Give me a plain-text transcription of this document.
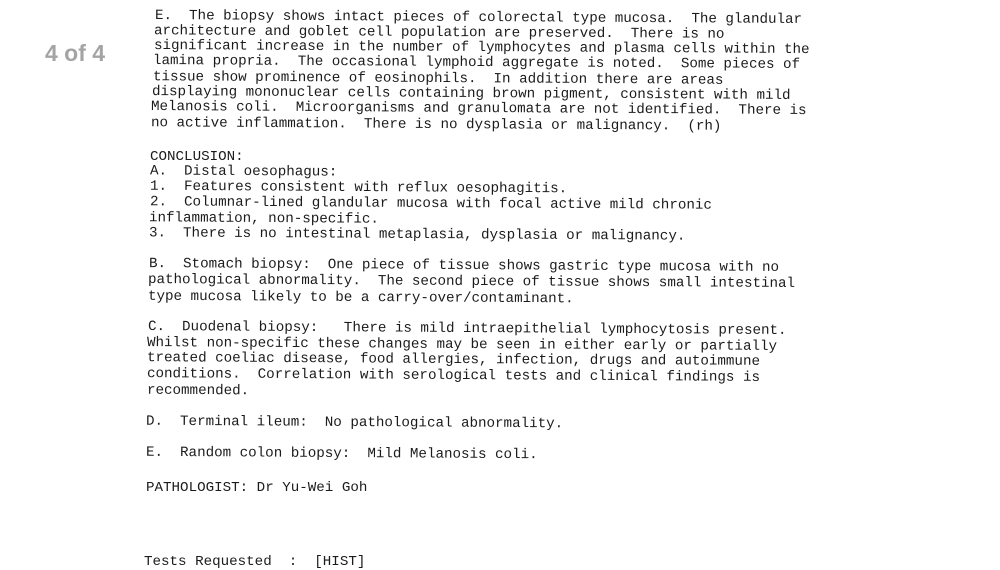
4 of 4
E.  The biopsy shows intact pieces of colorectal type mucosa.  The glandular
architecture and goblet cell population are preserved.  There is no
significant increase in the number of lymphocytes and plasma cells within the
lamina propria.  The occasional lymphoid aggregate is noted.  Some pieces of
tissue show prominence of eosinophils.  In addition there are areas
displaying mononuclear cells containing brown pigment, consistent with mild
Melanosis coli.  Microorganisms and granulomata are not identified.  There is
no active inflammation.  There is no dysplasia or malignancy.  (rh)
CONCLUSION:
A.  Distal oesophagus:
1.  Features consistent with reflux oesophagitis.
2.  Columnar-lined glandular mucosa with focal active mild chronic
inflammation, non-specific.
3.  There is no intestinal metaplasia, dysplasia or malignancy.
B.  Stomach biopsy:  One piece of tissue shows gastric type mucosa with no
pathological abnormality.  The second piece of tissue shows small intestinal
type mucosa likely to be a carry-over/contaminant.
C.  Duodenal biopsy:   There is mild intraepithelial lymphocytosis present.
Whilst non-specific these changes may be seen in either early or partially
treated coeliac disease, food allergies, infection, drugs and autoimmune
conditions.  Correlation with serological tests and clinical findings is
recommended.
D.  Terminal ileum:  No pathological abnormality.
E.  Random colon biopsy:  Mild Melanosis coli.
PATHOLOGIST: Dr Yu-Wei Goh
Tests Requested  :  [HIST]
